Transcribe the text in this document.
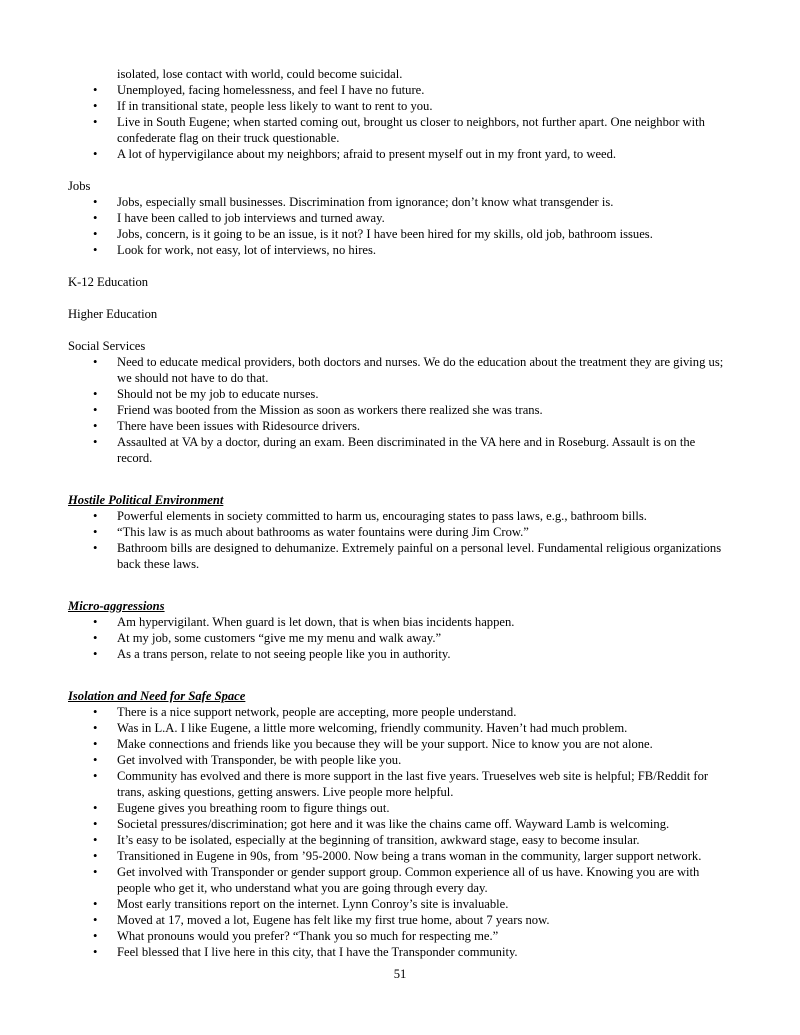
isolated, lose contact with world, could become suicidal.

• Unemployed, facing homelessness, and feel I have no future.
• If in transitional state, people less likely to want to rent to you.
• Live in South Eugene; when started coming out, brought us closer to neighbors, not further apart. One neighbor with confederate flag on their truck questionable.
• A lot of hypervigilance about my neighbors; afraid to present myself out in my front yard, to weed.
Jobs
• Jobs, especially small businesses. Discrimination from ignorance; don’t know what transgender is.
• I have been called to job interviews and turned away.
• Jobs, concern, is it going to be an issue, is it not? I have been hired for my skills, old job, bathroom issues.
• Look for work, not easy, lot of interviews, no hires.
K-12 Education
Higher Education
Social Services
• Need to educate medical providers, both doctors and nurses. We do the education about the treatment they are giving us; we should not have to do that.
• Should not be my job to educate nurses.
• Friend was booted from the Mission as soon as workers there realized she was trans.
• There have been issues with Ridesource drivers.
• Assaulted at VA by a doctor, during an exam. Been discriminated in the VA here and in Roseburg. Assault is on the record.
Hostile Political Environment
• Powerful elements in society committed to harm us, encouraging states to pass laws, e.g., bathroom bills.
• “This law is as much about bathrooms as water fountains were during Jim Crow.”
• Bathroom bills are designed to dehumanize. Extremely painful on a personal level. Fundamental religious organizations back these laws.
Micro-aggressions
• Am hypervigilant. When guard is let down, that is when bias incidents happen.
• At my job, some customers “give me my menu and walk away.”
• As a trans person, relate to not seeing people like you in authority.
Isolation and Need for Safe Space
• There is a nice support network, people are accepting, more people understand.
• Was in L.A. I like Eugene, a little more welcoming, friendly community. Haven’t had much problem.
• Make connections and friends like you because they will be your support. Nice to know you are not alone.
• Get involved with Transponder, be with people like you.
• Community has evolved and there is more support in the last five years. Trueselves web site is helpful; FB/Reddit for trans, asking questions, getting answers. Live people more helpful.
• Eugene gives you breathing room to figure things out.
• Societal pressures/discrimination; got here and it was like the chains came off. Wayward Lamb is welcoming.
• It’s easy to be isolated, especially at the beginning of transition, awkward stage, easy to become insular.
• Transitioned in Eugene in 90s, from ’95-2000. Now being a trans woman in the community, larger support network.
• Get involved with Transponder or gender support group. Common experience all of us have. Knowing you are with people who get it, who understand what you are going through every day.
• Most early transitions report on the internet. Lynn Conroy’s site is invaluable.
• Moved at 17, moved a lot, Eugene has felt like my first true home, about 7 years now.
• What pronouns would you prefer? “Thank you so much for respecting me.”
• Feel blessed that I live here in this city, that I have the Transponder community.
51
